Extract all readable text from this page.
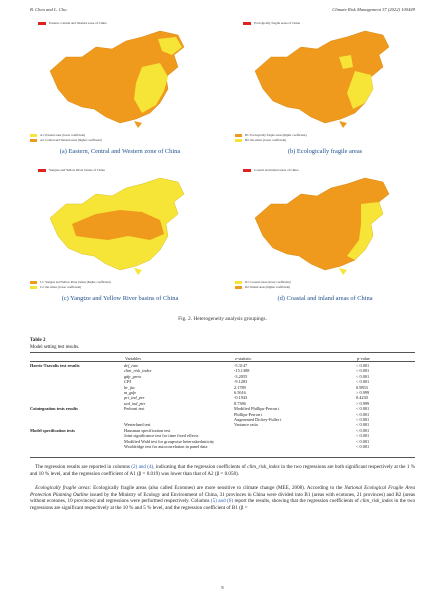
B. Chen and L. Chu	Climate Risk Management 37 (2022) 100449
Eastern, Central and Western zone of China
A1: Eastern zone (lower coefficient)
A2: Central and Western zone (higher coefficient)
(a) Eastern, Central and Western zone of China
Ecologically fragile areas of China
B1: Ecologically fragile areas (higher coefficient)
B2: the others (lower coefficient)
(b) Ecologically fragile areas
Yangtze and Yellow River basins of China
C1: Yangtze and Yellow River basins (higher coefficient)
C2: the others (lower coefficient)
(c) Yangtze and Yellow River basins of China
Coastal and inland areas of China
D1: Coastal areas (lower coefficient)
D2: Inland areas (higher coefficient)
(d) Coastal and inland areas of China
Fig. 2. Heterogeneity analysis groupings.
Table 2
Model setting test results.
	Variables	z-statistic	p-value
Harris-Tzavalis test results	def_rate	-5.3147	< 0.001
	clim_risk_index	-15.1388	< 0.001
	gdp_grow	-3.2055	< 0.001
	CPI	-9.1283	< 0.001
	br_fac	2.1789	0.9853
	m_gdp	6.5616	> 0.999
	pri_ind_per	-0.1943	0.4230
	sed_ind_per	8.7386	> 0.999
Cointegration tests results	Pedroni test	Modified Phillips-Perron t	< 0.001
		Phillips-Perron t	< 0.001
		Augmented Dickey-Fuller t	< 0.001
	Westerlund test	Variance ratio	< 0.001
Model specification tests	Hausman specification test		< 0.001
	Joint significance test for time fixed effects		< 0.001
	Modified Wald test for groupwise heteroskedasticity		< 0.001
	Wooldridge test for autocorrelation in panel data		< 0.001
 The regression results are reported in columns (2) and (4), indicating that the regression coefficients of clim_risk_index in the two regressions are both significant respectively at the 1 % and 10 % level, and the regression coefficient of A1 (β = 0.019) was lower than that of A2 (β = 0.058).
 Ecologically fragile areas: Ecologically fragile areas (also called Ecotones) are more sensitive to climate change (MEE, 2008). According to the National Ecological Fragile Area Protection Planning Outline issued by the Ministry of Ecology and Environment of China, 31 provinces in China were divided into B1 (areas with ecotones, 21 provinces) and B2 (areas without ecotones, 10 provinces) and regressions were performed respectively. Columns (5) and (6) report the results, showing that the regression coefficients of clim_risk_index in the two regressions are significant respectively at the 10 % and 5 % level, and the regression coefficient of B1 (β =
8
